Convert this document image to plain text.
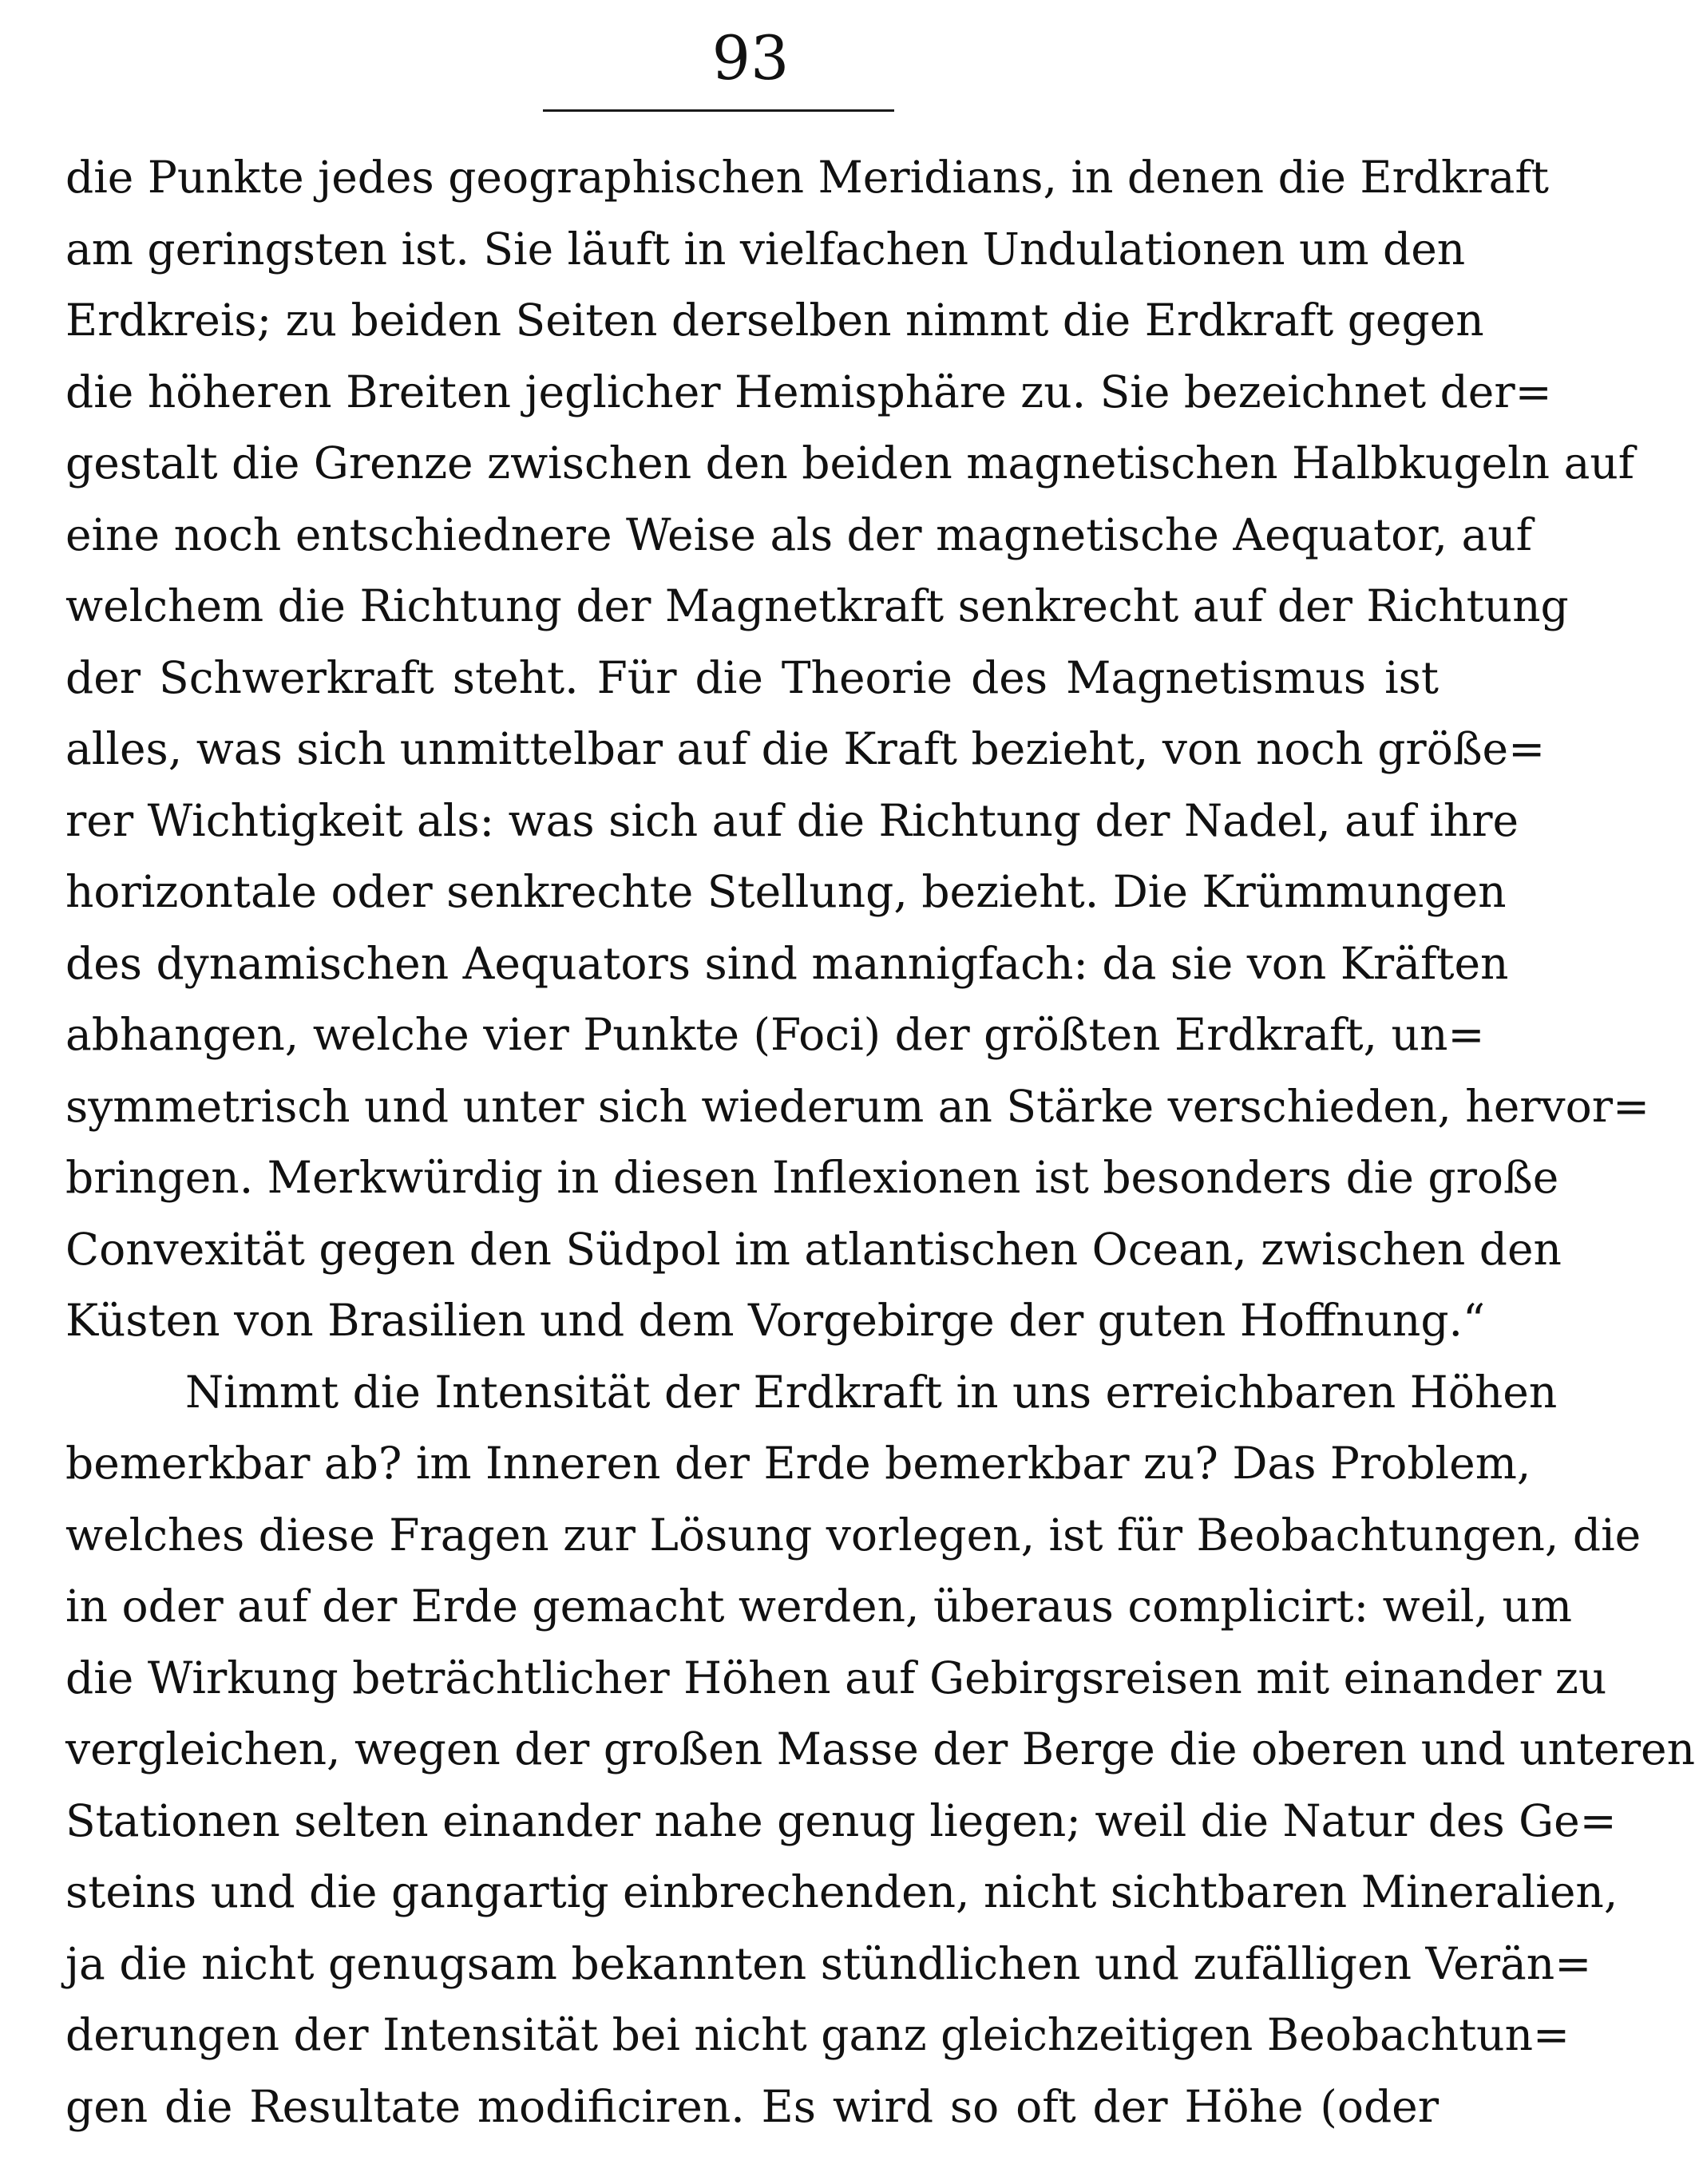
93
die Punkte jedes geographischen Meridians, in denen die Erdkraft
am geringsten ist. Sie läuft in vielfachen Undulationen um den
Erdkreis; zu beiden Seiten derselben nimmt die Erdkraft gegen
die höheren Breiten jeglicher Hemisphäre zu. Sie bezeichnet der=
gestalt die Grenze zwischen den beiden magnetischen Halbkugeln auf
eine noch entschiednere Weise als der magnetische Aequator, auf
welchem die Richtung der Magnetkraft senkrecht auf der Richtung
der Schwerkraft steht. Für die Theorie des Magnetismus ist
alles, was sich unmittelbar auf die Kraft bezieht, von noch größe=
rer Wichtigkeit als: was sich auf die Richtung der Nadel, auf ihre
horizontale oder senkrechte Stellung, bezieht. Die Krümmungen
des dynamischen Aequators sind mannigfach: da sie von Kräften
abhangen, welche vier Punkte (Foci) der größten Erdkraft, un=
symmetrisch und unter sich wiederum an Stärke verschieden, hervor=
bringen. Merkwürdig in diesen Inflexionen ist besonders die große
Convexität gegen den Südpol im atlantischen Ocean, zwischen den
Küsten von Brasilien und dem Vorgebirge der guten Hoffnung.“
Nimmt die Intensität der Erdkraft in uns erreichbaren Höhen
bemerkbar ab? im Inneren der Erde bemerkbar zu? Das Problem,
welches diese Fragen zur Lösung vorlegen, ist für Beobachtungen, die
in oder auf der Erde gemacht werden, überaus complicirt: weil, um
die Wirkung beträchtlicher Höhen auf Gebirgsreisen mit einander zu
vergleichen, wegen der großen Masse der Berge die oberen und unteren
Stationen selten einander nahe genug liegen; weil die Natur des Ge=
steins und die gangartig einbrechenden, nicht sichtbaren Mineralien,
ja die nicht genugsam bekannten stündlichen und zufälligen Verän=
derungen der Intensität bei nicht ganz gleichzeitigen Beobachtun=
gen die Resultate modificiren. Es wird so oft der Höhe (oder
